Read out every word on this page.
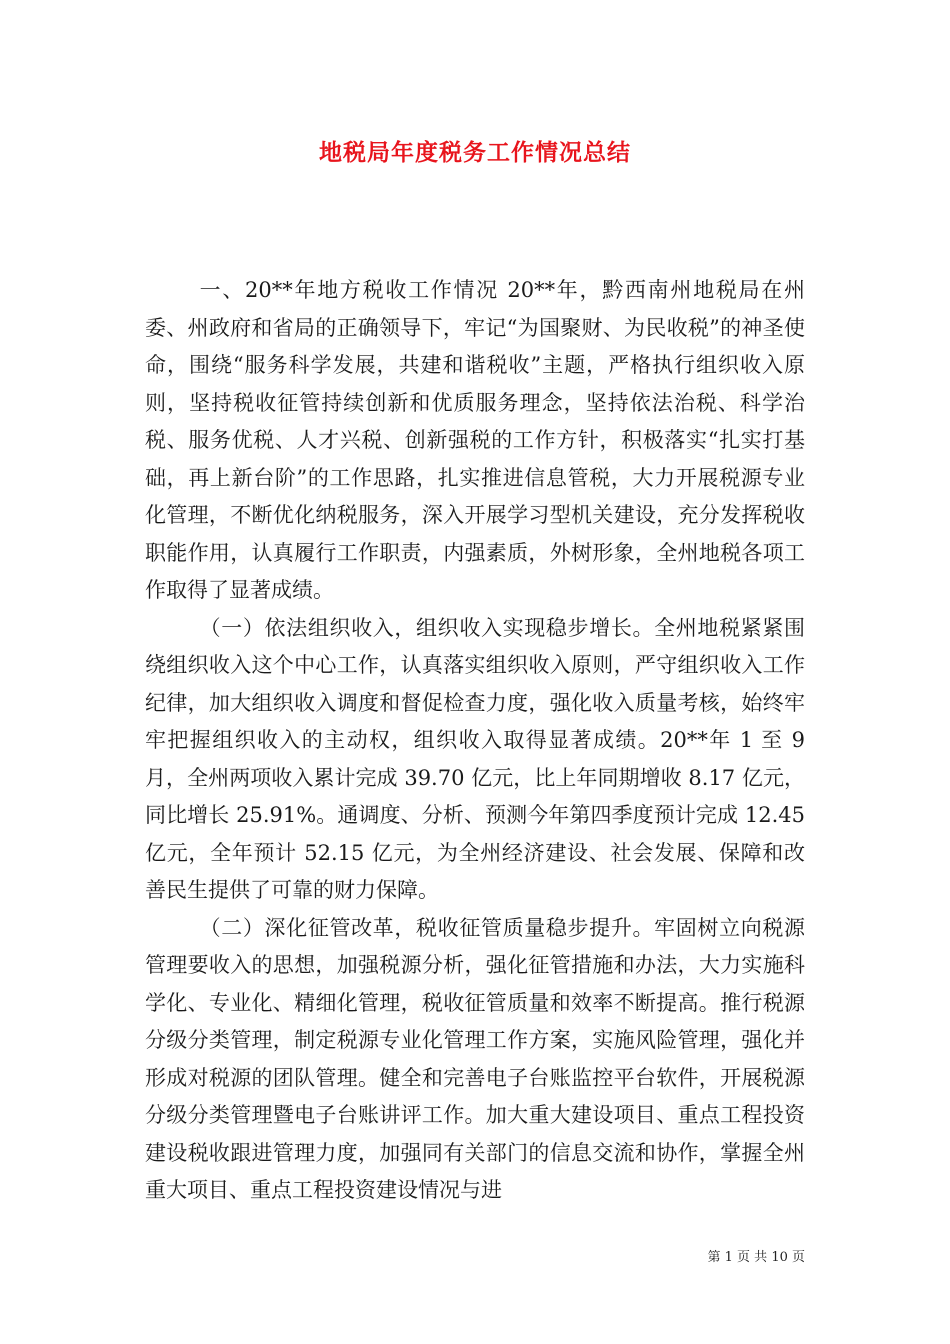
地税局年度税务工作情况总结

一、20**年地方税收工作情况 20**年，黔西南州地税局在州委、州政府和省局的正确领导下，牢记“为国聚财、为民收税”的神圣使命，围绕“服务科学发展，共建和谐税收”主题，严格执行组织收入原则，坚持税收征管持续创新和优质服务理念，坚持依法治税、科学治税、服务优税、人才兴税、创新强税的工作方针，积极落实“扎实打基础，再上新台阶”的工作思路，扎实推进信息管税，大力开展税源专业化管理，不断优化纳税服务，深入开展学习型机关建设，充分发挥税收职能作用，认真履行工作职责，内强素质，外树形象，全州地税各项工作取得了显著成绩。

（一）依法组织收入，组织收入实现稳步增长。全州地税紧紧围绕组织收入这个中心工作，认真落实组织收入原则，严守组织收入工作纪律，加大组织收入调度和督促检查力度，强化收入质量考核，始终牢牢把握组织收入的主动权，组织收入取得显著成绩。20**年 1 至 9 月，全州两项收入累计完成 39.70 亿元，比上年同期增收 8.17 亿元，同比增长 25.91%。通调度、分析、预测今年第四季度预计完成 12.45 亿元，全年预计 52.15 亿元，为全州经济建设、社会发展、保障和改善民生提供了可靠的财力保障。

（二）深化征管改革，税收征管质量稳步提升。牢固树立向税源管理要收入的思想，加强税源分析，强化征管措施和办法，大力实施科学化、专业化、精细化管理，税收征管质量和效率不断提高。推行税源分级分类管理，制定税源专业化管理工作方案，实施风险管理，强化并形成对税源的团队管理。健全和完善电子台账监控平台软件，开展税源分级分类管理暨电子台账讲评工作。加大重大建设项目、重点工程投资建设税收跟进管理力度，加强同有关部门的信息交流和协作，掌握全州重大项目、重点工程投资建设情况与进

第 1 页 共 10 页
